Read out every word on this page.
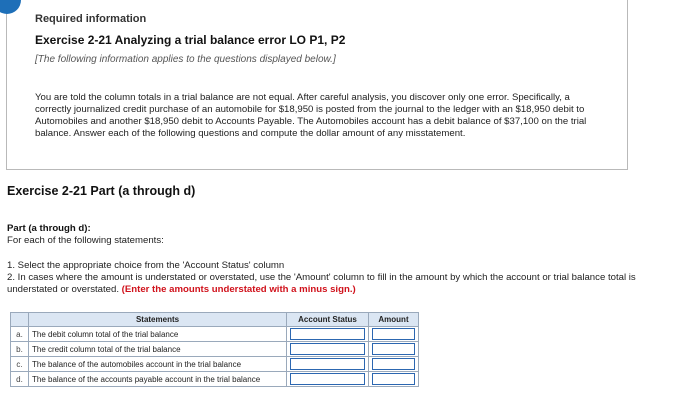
Required information
Exercise 2-21 Analyzing a trial balance error LO P1, P2
[The following information applies to the questions displayed below.]
You are told the column totals in a trial balance are not equal. After careful analysis, you discover only one error. Specifically, a correctly journalized credit purchase of an automobile for $18,950 is posted from the journal to the ledger with an $18,950 debit to Automobiles and another $18,950 debit to Accounts Payable. The Automobiles account has a debit balance of $37,100 on the trial balance. Answer each of the following questions and compute the dollar amount of any misstatement.
Exercise 2-21 Part (a through d)
Part (a through d):
For each of the following statements:
1. Select the appropriate choice from the 'Account Status' column
2. In cases where the amount is understated or overstated, use the 'Amount' column to fill in the amount by which the account or trial balance total is understated or overstated. (Enter the amounts understated with a minus sign.)
	Statements	Account Status	Amount
a.	The debit column total of the trial balance	

b.	The credit column total of the trial balance	

c.	The balance of the automobiles account in the trial balance	

d.	The balance of the accounts payable account in the trial balance	
